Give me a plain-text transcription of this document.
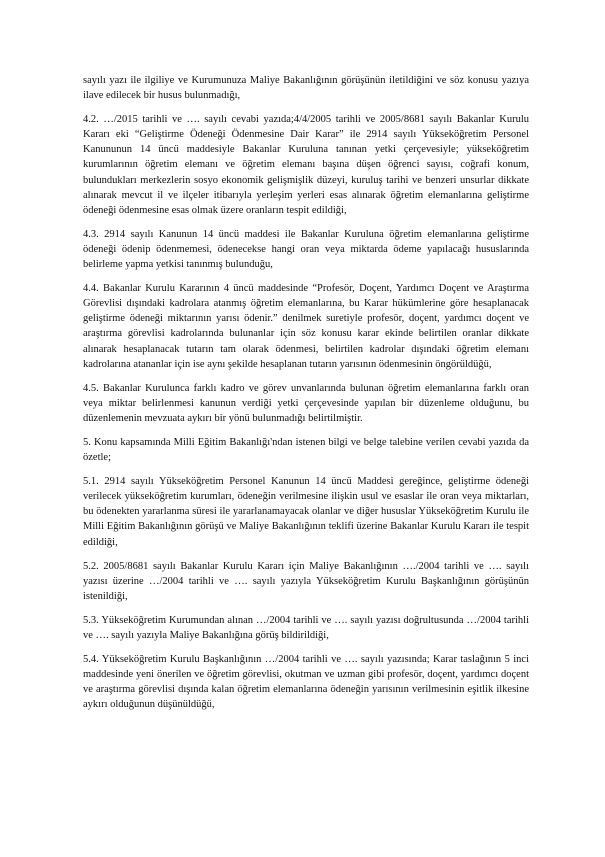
sayılı yazı ile ilgiliye ve Kurumunuza Maliye Bakanlığının görüşünün iletildiğini ve söz konusu yazıya ilave edilecek bir husus bulunmadığı,

4.2. …/2015 tarihli ve …. sayılı cevabi yazıda;4/4/2005 tarihli ve 2005/8681 sayılı Bakanlar Kurulu Kararı eki “Geliştirme Ödeneği Ödenmesine Dair Karar” ile 2914 sayılı Yükseköğretim Personel Kanununun 14 üncü maddesiyle Bakanlar Kuruluna tanınan yetki çerçevesiyle; yükseköğretim kurumlarının öğretim elemanı ve öğretim elemanı başına düşen öğrenci sayısı, coğrafi konum, bulundukları merkezlerin sosyo ekonomik gelişmişlik düzeyi, kuruluş tarihi ve benzeri unsurlar dikkate alınarak mevcut il ve ilçeler itibarıyla yerleşim yerleri esas alınarak öğretim elemanlarına geliştirme ödeneği ödenmesine esas olmak üzere oranların tespit edildiği,

4.3. 2914 sayılı Kanunun 14 üncü maddesi ile Bakanlar Kuruluna öğretim elemanlarına geliştirme ödeneği ödenip ödenmemesi, ödenecekse hangi oran veya miktarda ödeme yapılacağı hususlarında belirleme yapma yetkisi tanınmış bulunduğu,

4.4. Bakanlar Kurulu Kararının 4 üncü maddesinde “Profesör, Doçent, Yardımcı Doçent ve Araştırma Görevlisi dışındaki kadrolara atanmış öğretim elemanlarına, bu Karar hükümlerine göre hesaplanacak geliştirme ödeneği miktarının yarısı ödenir.” denilmek suretiyle profesör, doçent, yardımcı doçent ve araştırma görevlisi kadrolarında bulunanlar için söz konusu karar ekinde belirtilen oranlar dikkate alınarak hesaplanacak tutarın tam olarak ödenmesi, belirtilen kadrolar dışındaki öğretim elemanı kadrolarına atananlar için ise aynı şekilde hesaplanan tutarın yarısının ödenmesinin öngörüldüğü,

4.5. Bakanlar Kurulunca farklı kadro ve görev unvanlarında bulunan öğretim elemanlarına farklı oran veya miktar belirlenmesi kanunun verdiği yetki çerçevesinde yapılan bir düzenleme olduğunu, bu düzenlemenin mevzuata aykırı bir yönü bulunmadığı belirtilmiştir.

5. Konu kapsamında Milli Eğitim Bakanlığı'ndan istenen bilgi ve belge talebine verilen cevabi yazıda da özetle;

5.1. 2914 sayılı Yükseköğretim Personel Kanunun 14 üncü Maddesi gereğince, geliştirme ödeneği verilecek yükseköğretim kurumları, ödeneğin verilmesine ilişkin usul ve esaslar ile oran veya miktarları, bu ödenekten yararlanma süresi ile yararlanamayacak olanlar ve diğer hususlar Yükseköğretim Kurulu ile Milli Eğitim Bakanlığının görüşü ve Maliye Bakanlığının teklifi üzerine Bakanlar Kurulu Kararı ile tespit edildiği,

5.2. 2005/8681 sayılı Bakanlar Kurulu Kararı için Maliye Bakanlığının …./2004 tarihli ve …. sayılı yazısı üzerine …/2004 tarihli ve …. sayılı yazıyla Yükseköğretim Kurulu Başkanlığının görüşünün istenildiği,

5.3. Yükseköğretim Kurumundan alınan …/2004 tarihli ve …. sayılı yazısı doğrultusunda …/2004 tarihli ve …. sayılı yazıyla Maliye Bakanlığına görüş bildirildiği,

5.4. Yükseköğretim Kurulu Başkanlığının …/2004 tarihli ve …. sayılı yazısında; Karar taslağının 5 inci maddesinde yeni önerilen ve öğretim görevlisi, okutman ve uzman gibi profesör, doçent, yardımcı doçent ve araştırma görevlisi dışında kalan öğretim elemanlarına ödeneğin yarısının verilmesinin eşitlik ilkesine aykırı olduğunun düşünüldüğü,
